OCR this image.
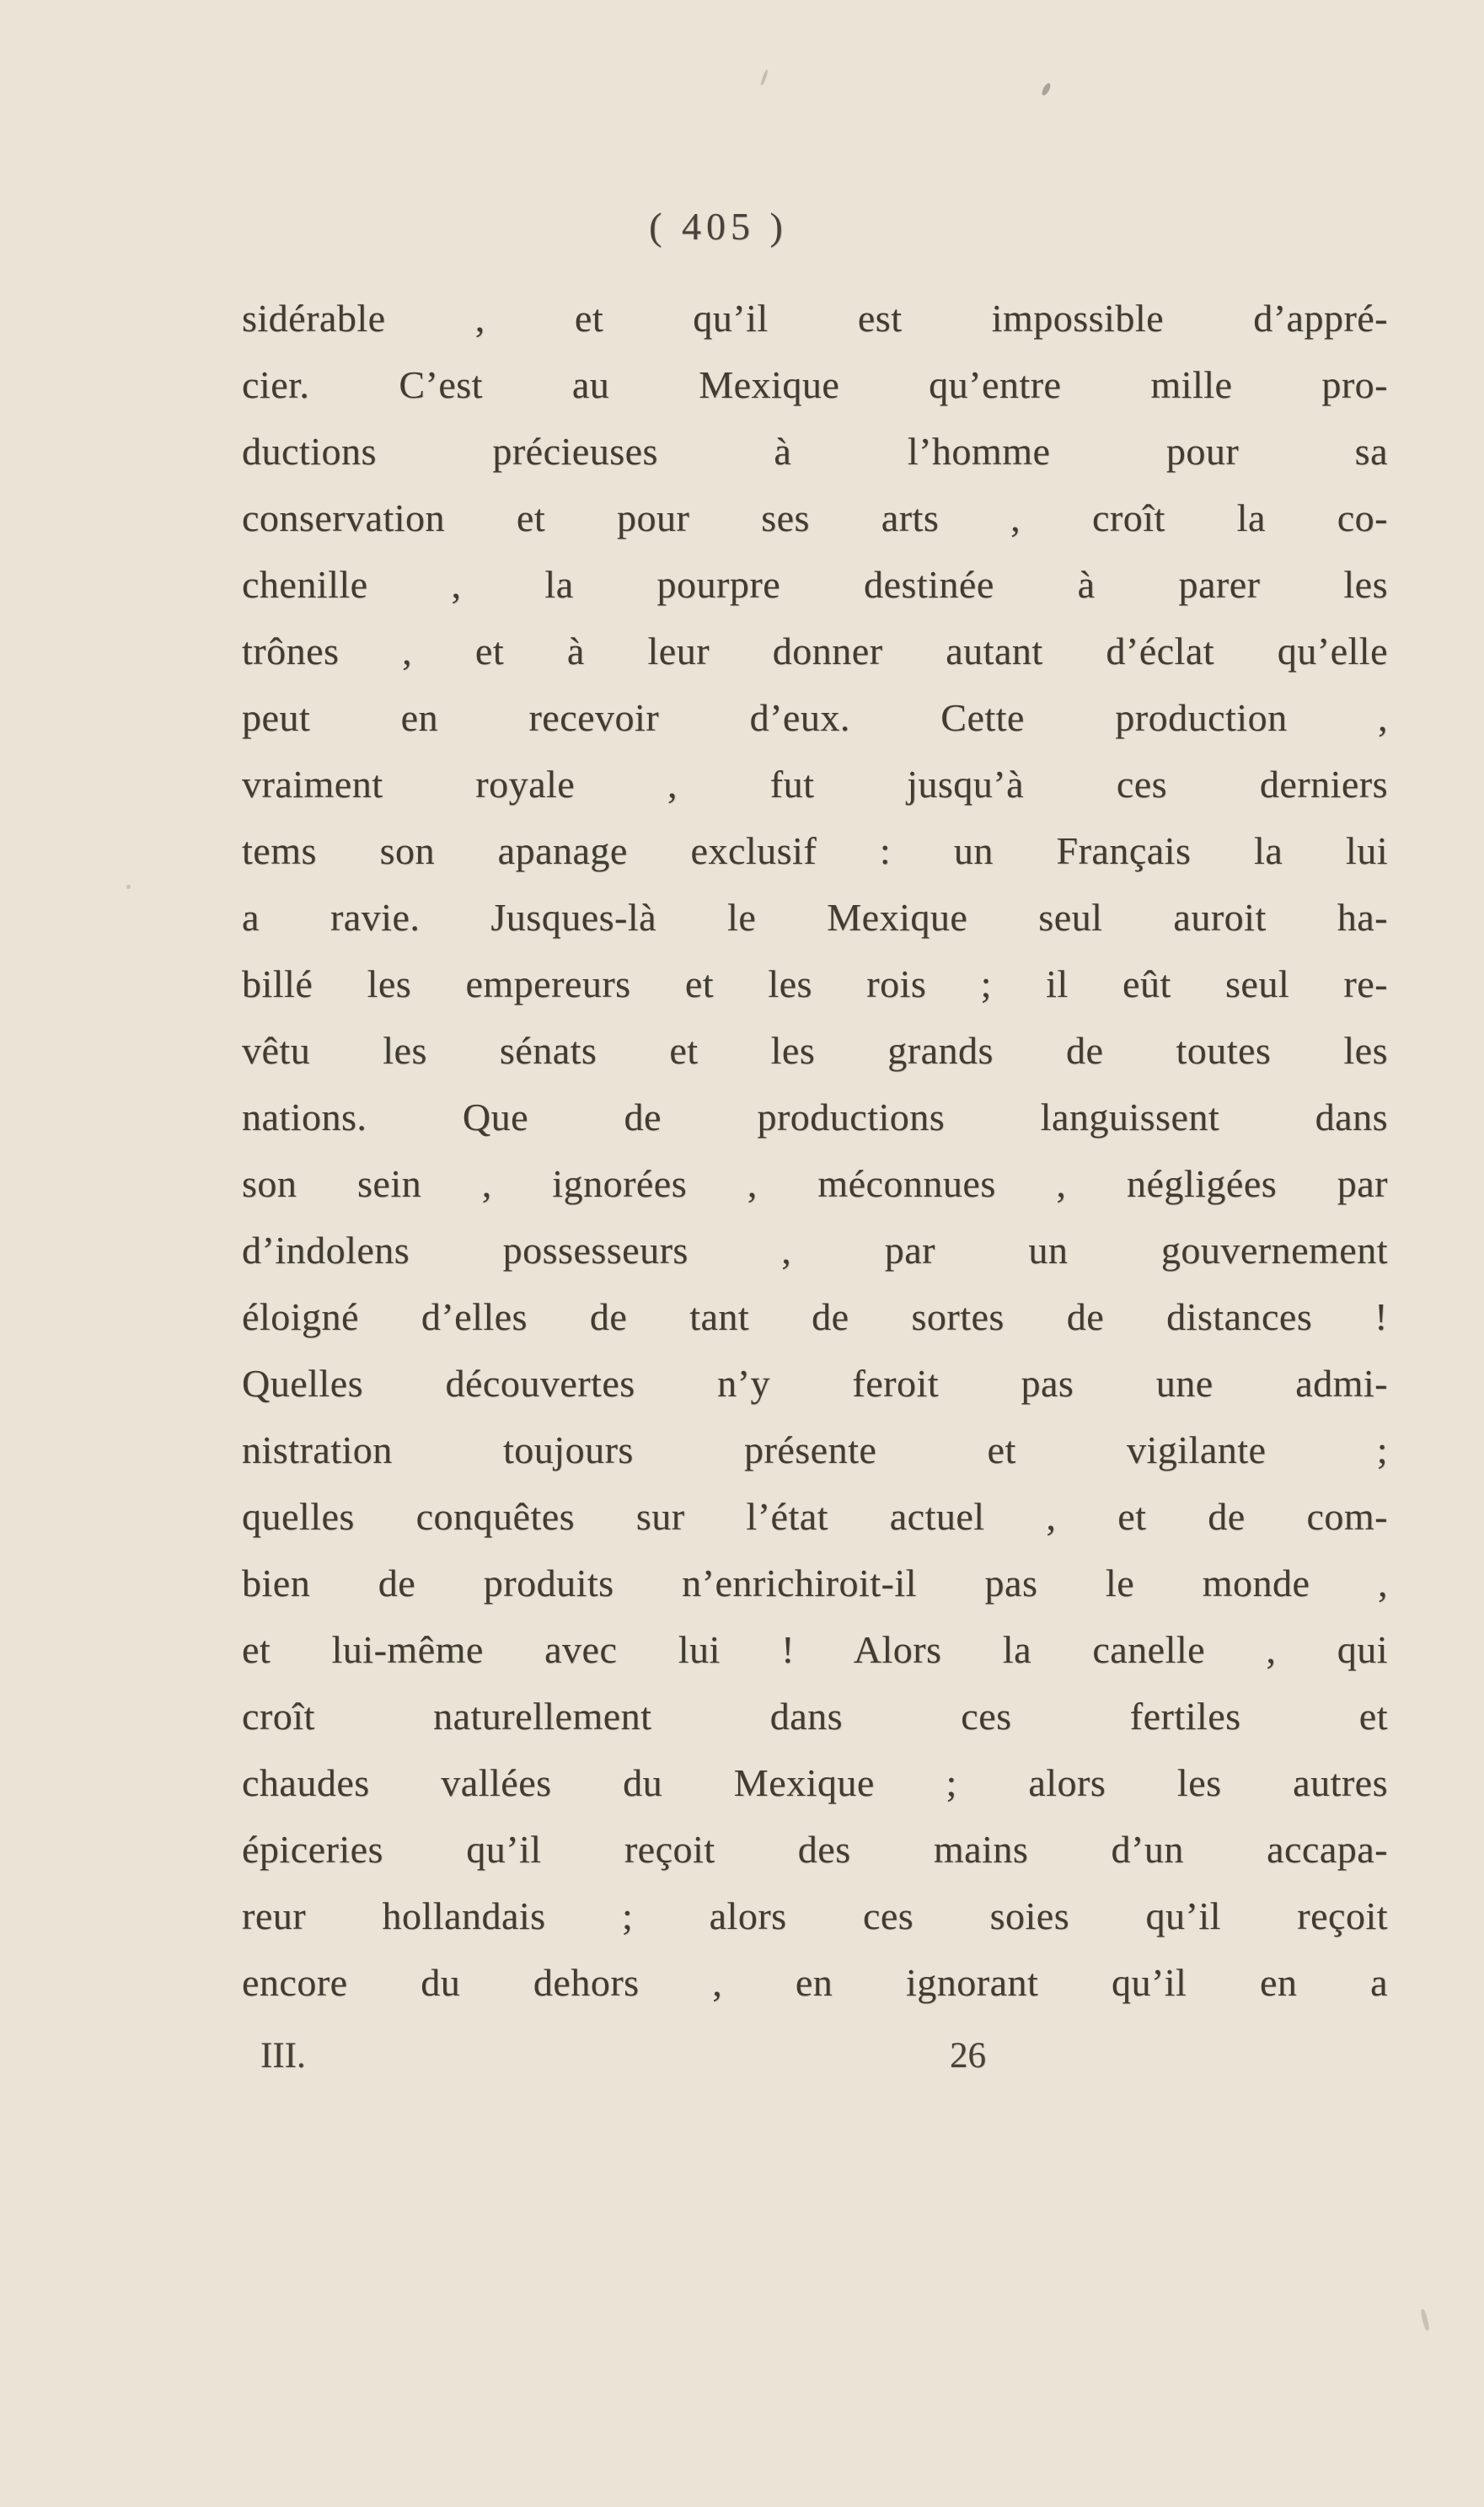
( 405 )
sidérable , et qu’il est impossible d’appré-
cier. C’est au Mexique qu’entre mille pro-
ductions précieuses à l’homme pour sa
conservation et pour ses arts , croît la co-
chenille , la pourpre destinée à parer les
trônes , et à leur donner autant d’éclat qu’elle
peut en recevoir d’eux. Cette production ,
vraiment royale , fut jusqu’à ces derniers
tems son apanage exclusif : un Français la lui
a ravie. Jusques-là le Mexique seul auroit ha-
billé les empereurs et les rois ; il eût seul re-
vêtu les sénats et les grands de toutes les
nations. Que de productions languissent dans
son sein , ignorées , méconnues , négligées par
d’indolens possesseurs , par un gouvernement
éloigné d’elles de tant de sortes de distances !
Quelles découvertes n’y feroit pas une admi-
nistration toujours présente et vigilante ;
quelles conquêtes sur l’état actuel , et de com-
bien de produits n’enrichiroit-il pas le monde ,
et lui-même avec lui ! Alors la canelle , qui
croît naturellement dans ces fertiles et
chaudes vallées du Mexique ; alors les autres
épiceries qu’il reçoit des mains d’un accapa-
reur hollandais ; alors ces soies qu’il reçoit
encore du dehors , en ignorant qu’il en a
III.	26
